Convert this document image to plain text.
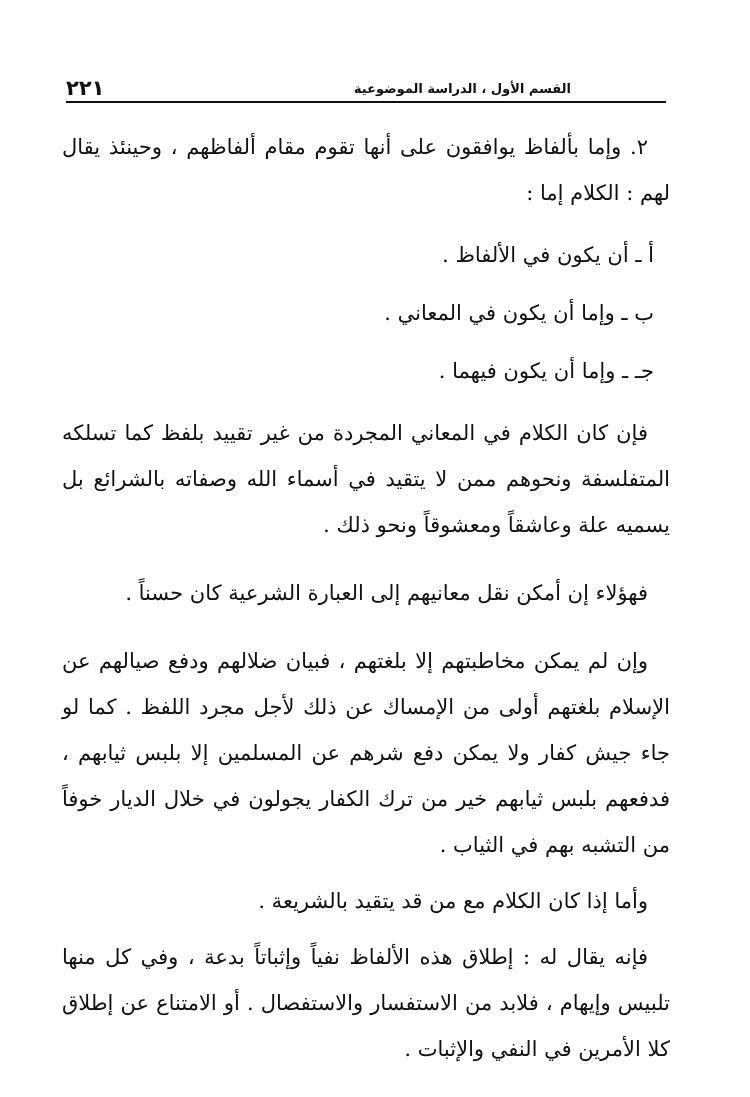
٢٢١	القسم الأول ، الدراسة الموضوعية

٢. وإما بألفاظ يوافقون على أنها تقوم مقام ألفاظهم ، وحينئذ يقال لهم : الكلام إما :

أ ـ أن يكون في الألفاظ .

ب ـ وإما أن يكون في المعاني .

جـ ـ وإما أن يكون فيهما .

فإن كان الكلام في المعاني المجردة من غير تقييد بلفظ كما تسلكه المتفلسفة ونحوهم ممن لا يتقيد في أسماء الله وصفاته بالشرائع بل يسميه علة وعاشقاً ومعشوقاً ونحو ذلك .

فهؤلاء إن أمكن نقل معانيهم إلى العبارة الشرعية كان حسناً .

وإن لم يمكن مخاطبتهم إلا بلغتهم ، فبيان ضلالهم ودفع صيالهم عن الإسلام بلغتهم أولى من الإمساك عن ذلك لأجل مجرد اللفظ . كما لو جاء جيش كفار ولا يمكن دفع شرهم عن المسلمين إلا بلبس ثيابهم ، فدفعهم بلبس ثيابهم خير من ترك الكفار يجولون في خلال الديار خوفاً من التشبه بهم في الثياب .

وأما إذا كان الكلام مع من قد يتقيد بالشريعة .

فإنه يقال له : إطلاق هذه الألفاظ نفياً وإثباتاً بدعة ، وفي كل منها تلبيس وإيهام ، فلابد من الاستفسار والاستفصال . أو الامتناع عن إطلاق كلا الأمرين في النفي والإثبات .
